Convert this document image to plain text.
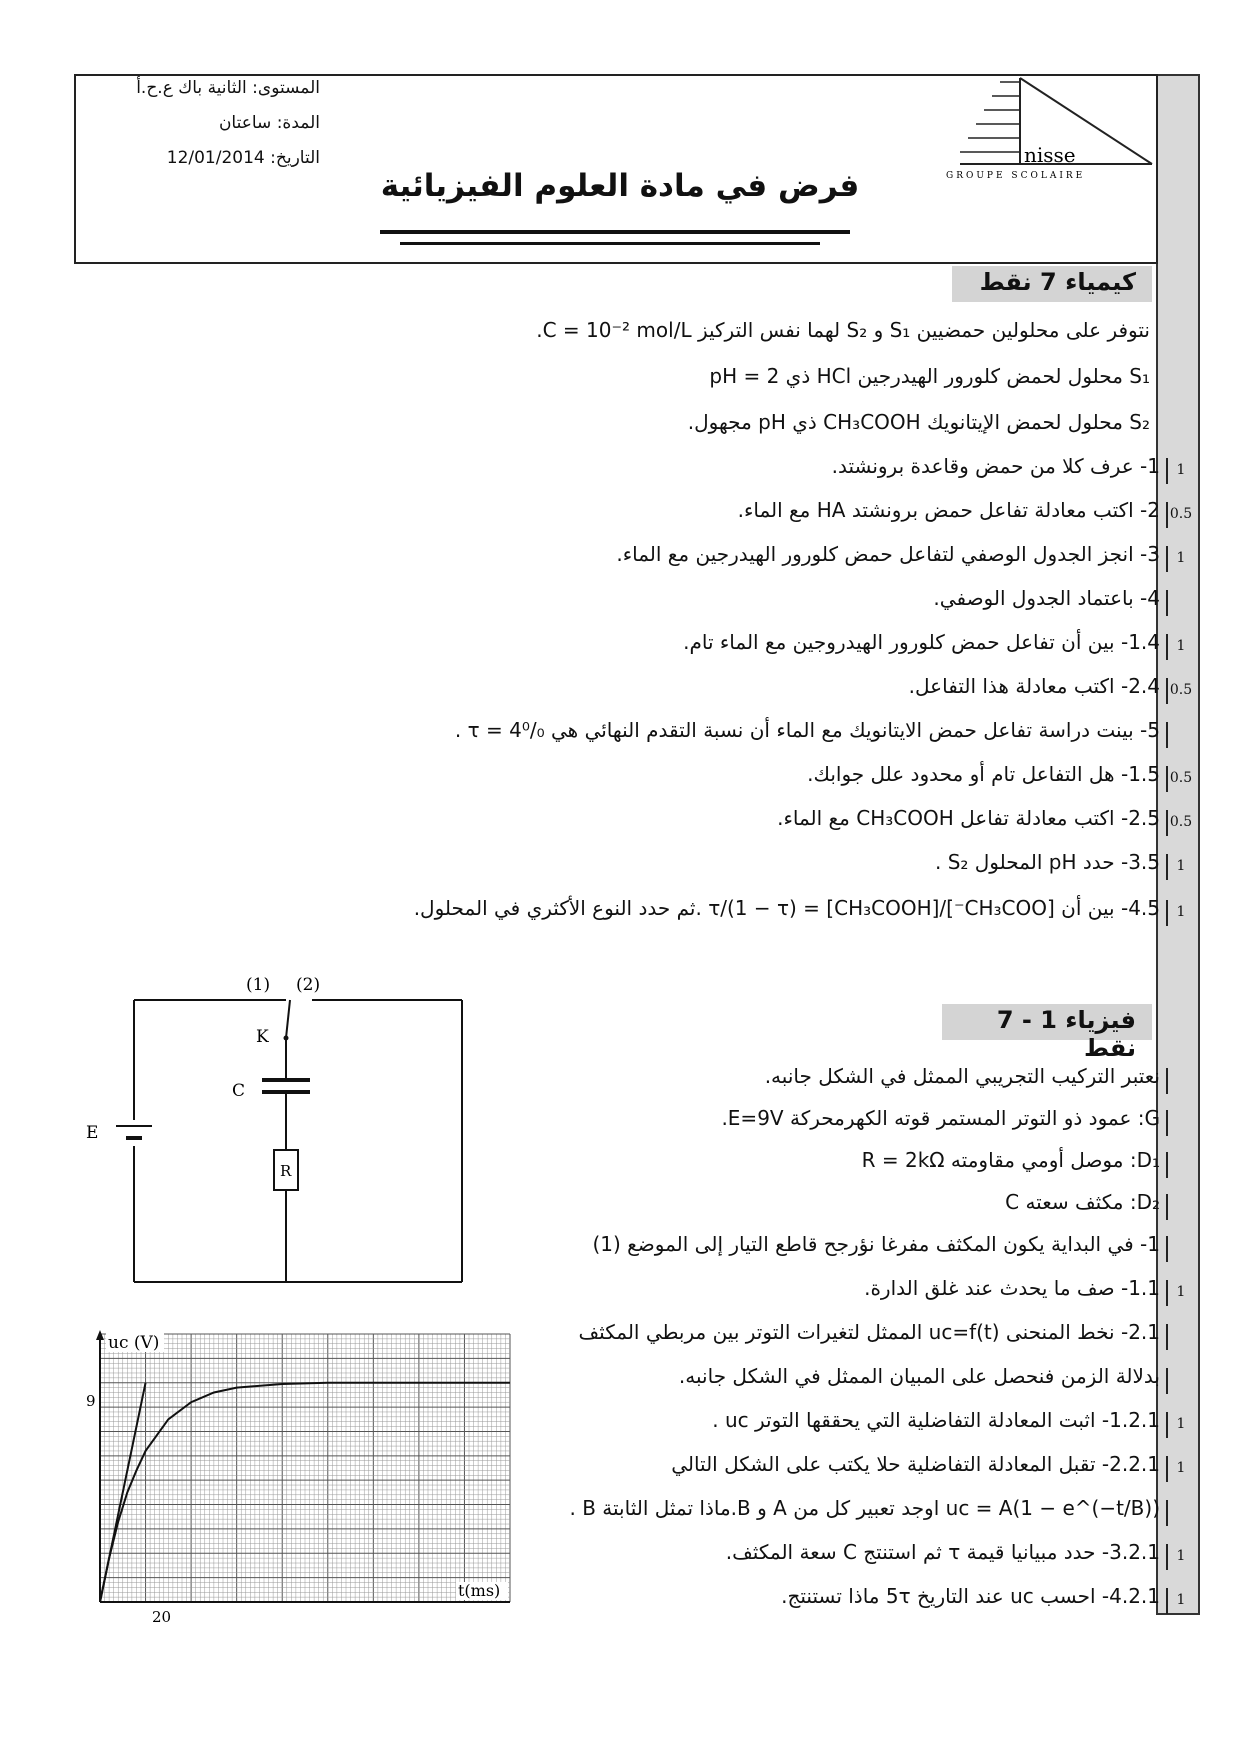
nisse
GROUPE SCOLAIRE
المستوى: الثانية باك ع.ح.أ
المدة: ساعتان
التاريخ: 12/01/2014
فرض في مادة العلوم الفيزيائية
كيمياء 7 نقط
نتوفر على محلولين حمضيين S₁ و S₂ لهما نفس التركيز C = 10⁻² mol/L.
S₁ محلول لحمض كلورور الهيدرجين HCl ذي pH = 2
S₂ محلول لحمض الإيتانويك CH₃COOH ذي pH مجهول.
فيزياء 1 - 7 نقط
(1) (2)
K
C
E
R
uc (V)
t(ms)
9
20
1- عرف كلا من حمض وقاعدة برونشتد.	1
2- اكتب معادلة تفاعل حمض برونشتد HA مع الماء. 0.5
3- انجز الجدول الوصفي لتفاعل حمض كلورور الهيدرجين مع الماء.	1
4- باعتماد الجدول الوصفي.
1.4- بين أن تفاعل حمض كلورور الهيدروجين مع الماء تام.	1
2.4- اكتب معادلة هذا التفاعل. 0.5
5- بينت دراسة تفاعل حمض الايتانويك مع الماء أن نسبة التقدم النهائي هي τ = 4⁰/₀ .
1.5- هل التفاعل تام أو محدود علل جوابك. 0.5
2.5- اكتب معادلة تفاعل CH₃COOH مع الماء. 0.5
3.5- حدد pH المحلول S₂ .	1
4.5- بين أن [CH₃COO⁻]/[CH₃COOH] = τ/(1 − τ) .ثم حدد النوع الأكثري في المحلول.	1
نعتبر التركيب التجريبي الممثل في الشكل جانبه.
G: عمود ذو التوتر المستمر قوته الكهرمحركة E=9V.
D₁: موصل أومي مقاومته R = 2kΩ
D₂: مكثف سعته C
1- في البداية يكون المكثف مفرغا نؤرجح قاطع التيار إلى الموضع (1)
1.1- صف ما يحدث عند غلق الدارة.	1
2.1- نخط المنحنى uc=f(t) الممثل لتغيرات التوتر بين مربطي المكثف
بدلالة الزمن فنحصل على المبيان الممثل في الشكل جانبه.
1.2.1- اثبت المعادلة التفاضلية التي يحققها التوتر uc .	1
2.2.1- تقبل المعادلة التفاضلية حلا يكتب على الشكل التالي	1
uc = A(1 − e^(−t/B)) اوجد تعبير كل من A و B.ماذا تمثل الثابتة B .
3.2.1- حدد مبيانيا قيمة τ ثم استنتج C سعة المكثف.	1
4.2.1- احسب uc عند التاريخ 5τ ماذا تستنتج.	1
